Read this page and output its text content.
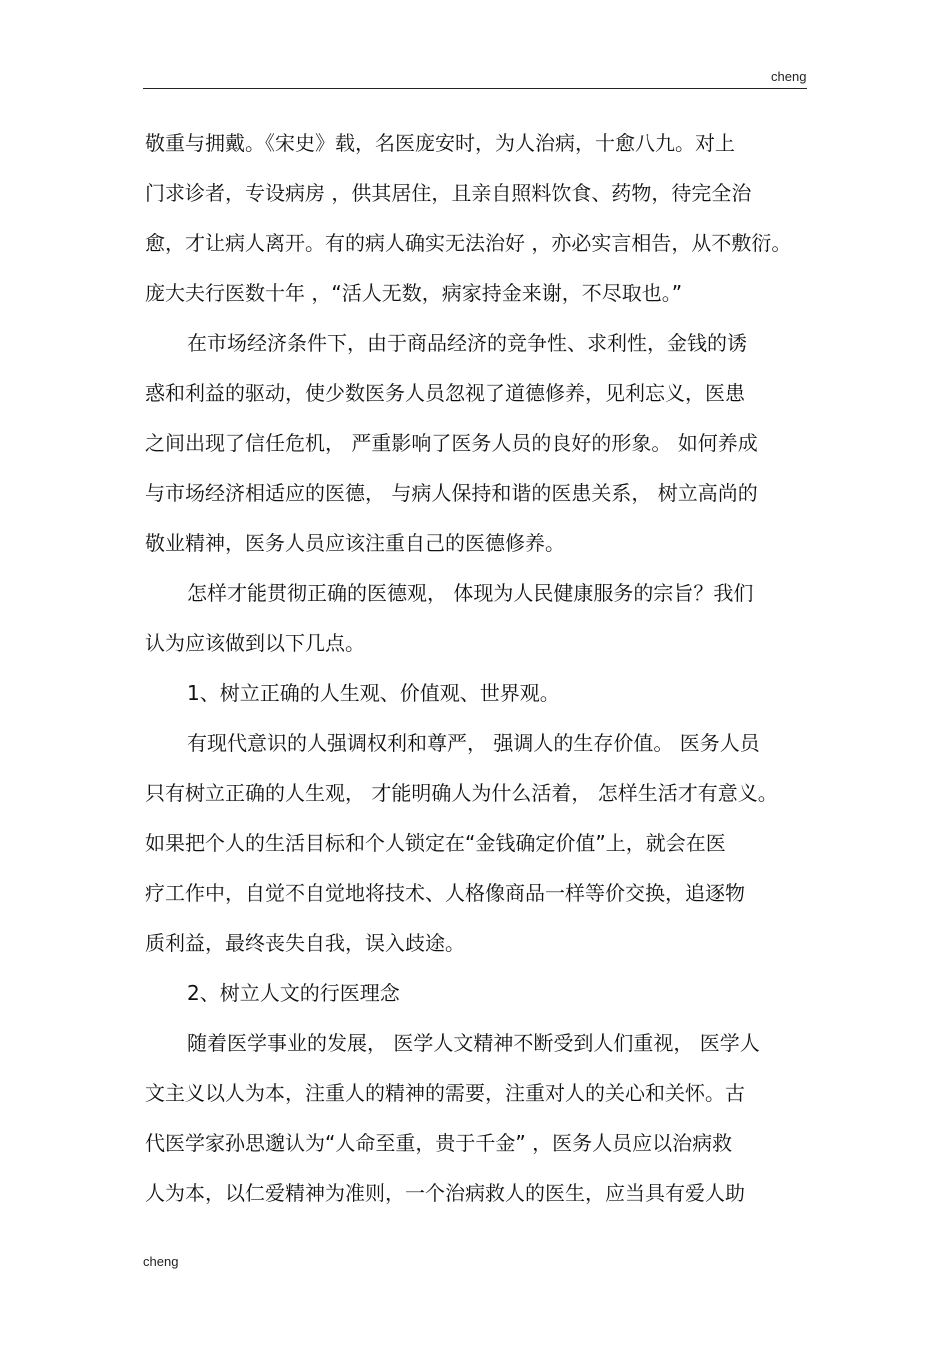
cheng
敬重与拥戴。《宋史》载，名医庞安时，为人治病，十愈八九。对上
门求诊者，专设病房 ，供其居住，且亲自照料饮食、药物，待完全治
愈，才让病人离开。有的病人确实无法治好 ，亦必实言相告，从不敷衍。
庞大夫行医数十年 ，“活人无数，病家持金来谢，不尽取也。”
在市场经济条件下，由于商品经济的竞争性、求利性，金钱的诱
惑和利益的驱动，使少数医务人员忽视了道德修养，见利忘义，医患
之间出现了信任危机， 严重影响了医务人员的良好的形象。 如何养成
与市场经济相适应的医德， 与病人保持和谐的医患关系， 树立高尚的
敬业精神，医务人员应该注重自己的医德修养。
怎样才能贯彻正确的医德观， 体现为人民健康服务的宗旨？我们
认为应该做到以下几点。
1、树立正确的人生观、价值观、世界观。
有现代意识的人强调权利和尊严， 强调人的生存价值。 医务人员
只有树立正确的人生观， 才能明确人为什么活着， 怎样生活才有意义。
如果把个人的生活目标和个人锁定在“金钱确定价值”上，就会在医
疗工作中，自觉不自觉地将技术、人格像商品一样等价交换，追逐物
质利益，最终丧失自我，误入歧途。
2、树立人文的行医理念
随着医学事业的发展， 医学人文精神不断受到人们重视， 医学人
文主义以人为本，注重人的精神的需要，注重对人的关心和关怀。古
代医学家孙思邈认为“人命至重，贵于千金” ，医务人员应以治病救
人为本，以仁爱精神为准则，一个治病救人的医生，应当具有爱人助
cheng
